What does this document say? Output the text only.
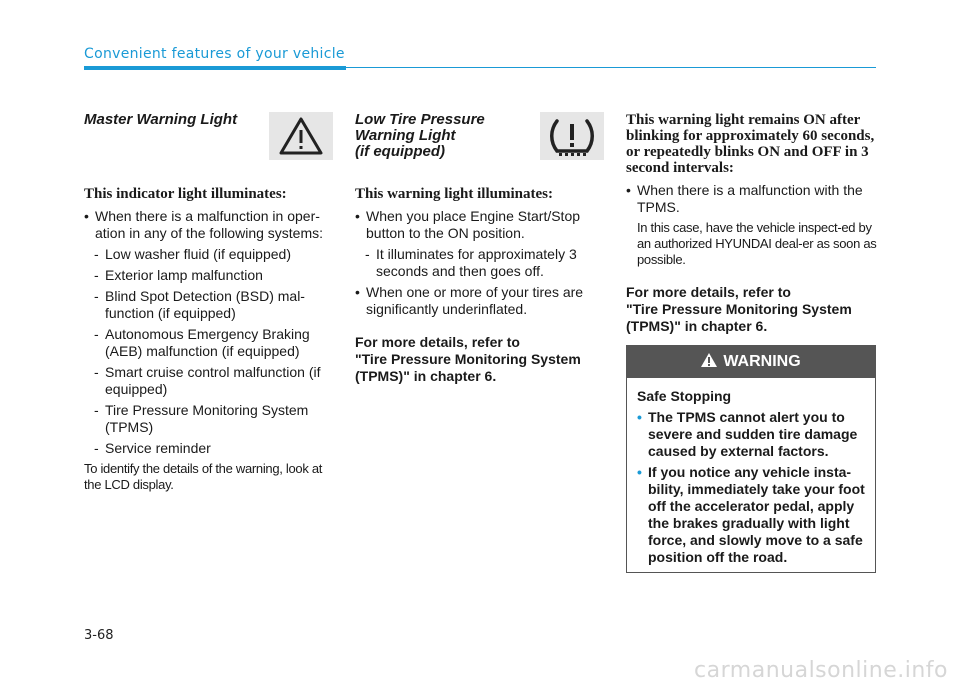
Convenient features of your vehicle
Master Warning Light
This indicator light illuminates:
• When there is a malfunction in oper-ation in any of the following systems:
- Low washer fluid (if equipped)
- Exterior lamp malfunction
- Blind Spot Detection (BSD) mal-function (if equipped)
- Autonomous Emergency Braking (AEB) malfunction (if equipped)
- Smart cruise control malfunction (if equipped)
- Tire Pressure Monitoring System (TPMS)
- Service reminder
To identify the details of the warning, look at the LCD display.
Low Tire Pressure
Warning Light
(if equipped)
This warning light illuminates:
• When you place Engine Start/Stop button to the ON position.
- It illuminates for approximately 3 seconds and then goes off.
• When one or more of your tires are significantly underinflated.
For more details, refer to
"Tire Pressure Monitoring System
(TPMS)" in chapter 6.
This warning light remains ON after blinking for approximately 60 seconds, or repeatedly blinks ON and OFF in 3 second intervals:
• When there is a malfunction with the TPMS.
In this case, have the vehicle inspect-ed by an authorized HYUNDAI deal-er as soon as possible.
For more details, refer to
"Tire Pressure Monitoring System
(TPMS)" in chapter 6.
WARNING
Safe Stopping
• The TPMS cannot alert you to severe and sudden tire damage caused by external factors.
• If you notice any vehicle insta-bility, immediately take your foot off the accelerator pedal, apply the brakes gradually with light force, and slowly move to a safe position off the road.
3-68
carmanualsonline.info
